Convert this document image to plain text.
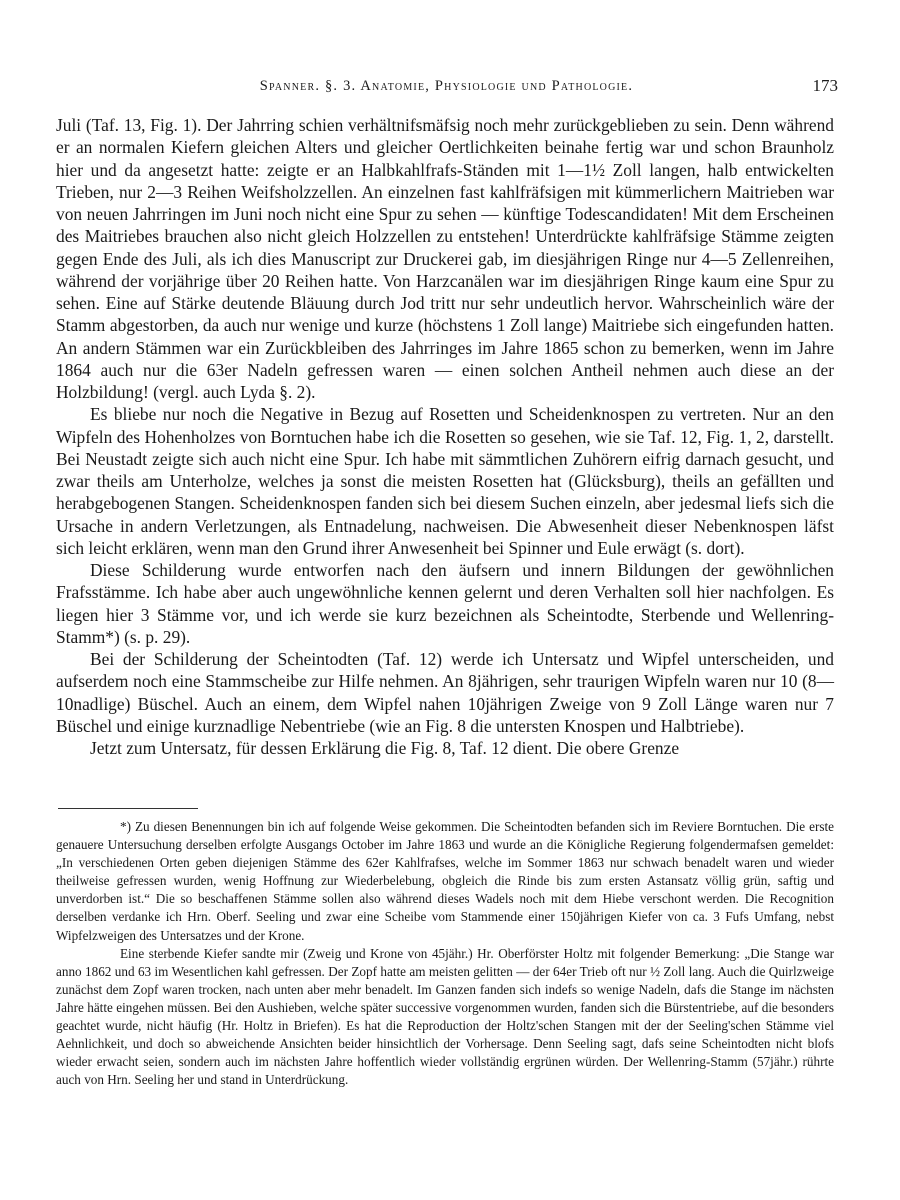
Spanner. §. 3. Anatomie, Physiologie und Pathologie.	173

Juli (Taf. 13, Fig. 1). Der Jahrring schien verhältnifsmäfsig noch mehr zurückgeblieben zu sein. Denn während er an normalen Kiefern gleichen Alters und gleicher Oertlichkeiten beinahe fertig war und schon Braunholz hier und da angesetzt hatte: zeigte er an Halbkahlfrafs-Ständen mit 1—1½ Zoll langen, halb entwickelten Trieben, nur 2—3 Reihen Weifsholzzellen. An einzelnen fast kahlfräfsigen mit kümmerlichern Maitrieben war von neuen Jahrringen im Juni noch nicht eine Spur zu sehen — künftige Todescandidaten! Mit dem Erscheinen des Maitriebes brauchen also nicht gleich Holzzellen zu entstehen! Unterdrückte kahlfräfsige Stämme zeigten gegen Ende des Juli, als ich dies Manuscript zur Druckerei gab, im diesjährigen Ringe nur 4—5 Zellenreihen, während der vorjährige über 20 Reihen hatte. Von Harzcanälen war im diesjährigen Ringe kaum eine Spur zu sehen. Eine auf Stärke deutende Bläuung durch Jod tritt nur sehr undeutlich hervor. Wahrscheinlich wäre der Stamm abgestorben, da auch nur wenige und kurze (höchstens 1 Zoll lange) Maitriebe sich eingefunden hatten. An andern Stämmen war ein Zurückbleiben des Jahrringes im Jahre 1865 schon zu bemerken, wenn im Jahre 1864 auch nur die 63er Nadeln gefressen waren — einen solchen Antheil nehmen auch diese an der Holzbildung! (vergl. auch Lyda §. 2).

Es bliebe nur noch die Negative in Bezug auf Rosetten und Scheidenknospen zu vertreten. Nur an den Wipfeln des Hohenholzes von Borntuchen habe ich die Rosetten so gesehen, wie sie Taf. 12, Fig. 1, 2, darstellt. Bei Neustadt zeigte sich auch nicht eine Spur. Ich habe mit sämmtlichen Zuhörern eifrig darnach gesucht, und zwar theils am Unterholze, welches ja sonst die meisten Rosetten hat (Glücksburg), theils an gefällten und herabgebogenen Stangen. Scheidenknospen fanden sich bei diesem Suchen einzeln, aber jedesmal liefs sich die Ursache in andern Verletzungen, als Entnadelung, nachweisen. Die Abwesenheit dieser Nebenknospen läfst sich leicht erklären, wenn man den Grund ihrer Anwesenheit bei Spinner und Eule erwägt (s. dort).

Diese Schilderung wurde entworfen nach den äufsern und innern Bildungen der gewöhnlichen Frafsstämme. Ich habe aber auch ungewöhnliche kennen gelernt und deren Verhalten soll hier nachfolgen. Es liegen hier 3 Stämme vor, und ich werde sie kurz bezeichnen als Scheintodte, Sterbende und Wellenring-Stamm*) (s. p. 29).

Bei der Schilderung der Scheintodten (Taf. 12) werde ich Untersatz und Wipfel unterscheiden, und aufserdem noch eine Stammscheibe zur Hilfe nehmen. An 8jährigen, sehr traurigen Wipfeln waren nur 10 (8—10nadlige) Büschel. Auch an einem, dem Wipfel nahen 10jährigen Zweige von 9 Zoll Länge waren nur 7 Büschel und einige kurznadlige Nebentriebe (wie an Fig. 8 die untersten Knospen und Halbtriebe).

Jetzt zum Untersatz, für dessen Erklärung die Fig. 8, Taf. 12 dient. Die obere Grenze

*) Zu diesen Benennungen bin ich auf folgende Weise gekommen. Die Scheintodten befanden sich im Reviere Borntuchen. Die erste genauere Untersuchung derselben erfolgte Ausgangs October im Jahre 1863 und wurde an die Königliche Regierung folgendermafsen gemeldet: „In verschiedenen Orten geben diejenigen Stämme des 62er Kahlfrafses, welche im Sommer 1863 nur schwach benadelt waren und wieder theilweise gefressen wurden, wenig Hoffnung zur Wiederbelebung, obgleich die Rinde bis zum ersten Astansatz völlig grün, saftig und unverdorben ist.“ Die so beschaffenen Stämme sollen also während dieses Wadels noch mit dem Hiebe verschont werden. Die Recognition derselben verdanke ich Hrn. Oberf. Seeling und zwar eine Scheibe vom Stammende einer 150jährigen Kiefer von ca. 3 Fufs Umfang, nebst Wipfelzweigen des Untersatzes und der Krone.

Eine sterbende Kiefer sandte mir (Zweig und Krone von 45jähr.) Hr. Oberförster Holtz mit folgender Bemerkung: „Die Stange war anno 1862 und 63 im Wesentlichen kahl gefressen. Der Zopf hatte am meisten gelitten — der 64er Trieb oft nur ½ Zoll lang. Auch die Quirlzweige zunächst dem Zopf waren trocken, nach unten aber mehr benadelt. Im Ganzen fanden sich indefs so wenige Nadeln, dafs die Stange im nächsten Jahre hätte eingehen müssen. Bei den Aushieben, welche später successive vorgenommen wurden, fanden sich die Bürstentriebe, auf die besonders geachtet wurde, nicht häufig (Hr. Holtz in Briefen). Es hat die Reproduction der Holtz'schen Stangen mit der der Seeling'schen Stämme viel Aehnlichkeit, und doch so abweichende Ansichten beider hinsichtlich der Vorhersage. Denn Seeling sagt, dafs seine Scheintodten nicht blofs wieder erwacht seien, sondern auch im nächsten Jahre hoffentlich wieder vollständig ergrünen würden. Der Wellenring-Stamm (57jähr.) rührte auch von Hrn. Seeling her und stand in Unterdrückung.
